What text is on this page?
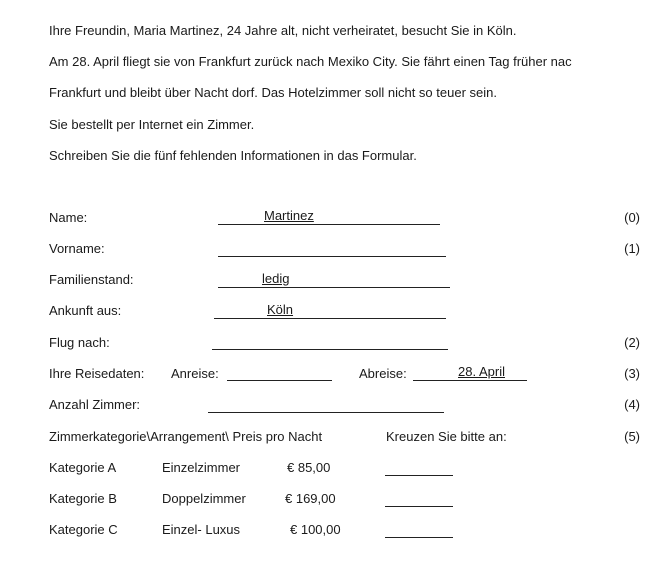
Ihre Freundin, Maria Martinez, 24 Jahre alt, nicht verheiratet, besucht Sie in Köln.
Am 28. April fliegt sie von Frankfurt zurück nach Mexiko City. Sie fährt einen Tag früher nac
Frankfurt und bleibt über Nacht dorf. Das Hotelzimmer soll nicht so teuer sein.
Sie bestellt per Internet ein Zimmer.
Schreiben Sie die fünf fehlenden Informationen in das Formular.
Name:	Martinez	(0)
Vorname:	(1)
Familienstand:	ledig
Ankunft aus:	Köln
Flug nach:	(2)
Ihre Reisedaten: Anreise:	Abreise:	28. April	(3)
Anzahl Zimmer:	(4)
Zimmerkategorie\Arrangement\ Preis pro Nacht	Kreuzen Sie bitte an:	(5)
Kategorie A	Einzelzimmer	€ 85,00
Kategorie B	Doppelzimmer	€ 169,00
Kategorie C	Einzel- Luxus	€ 100,00
